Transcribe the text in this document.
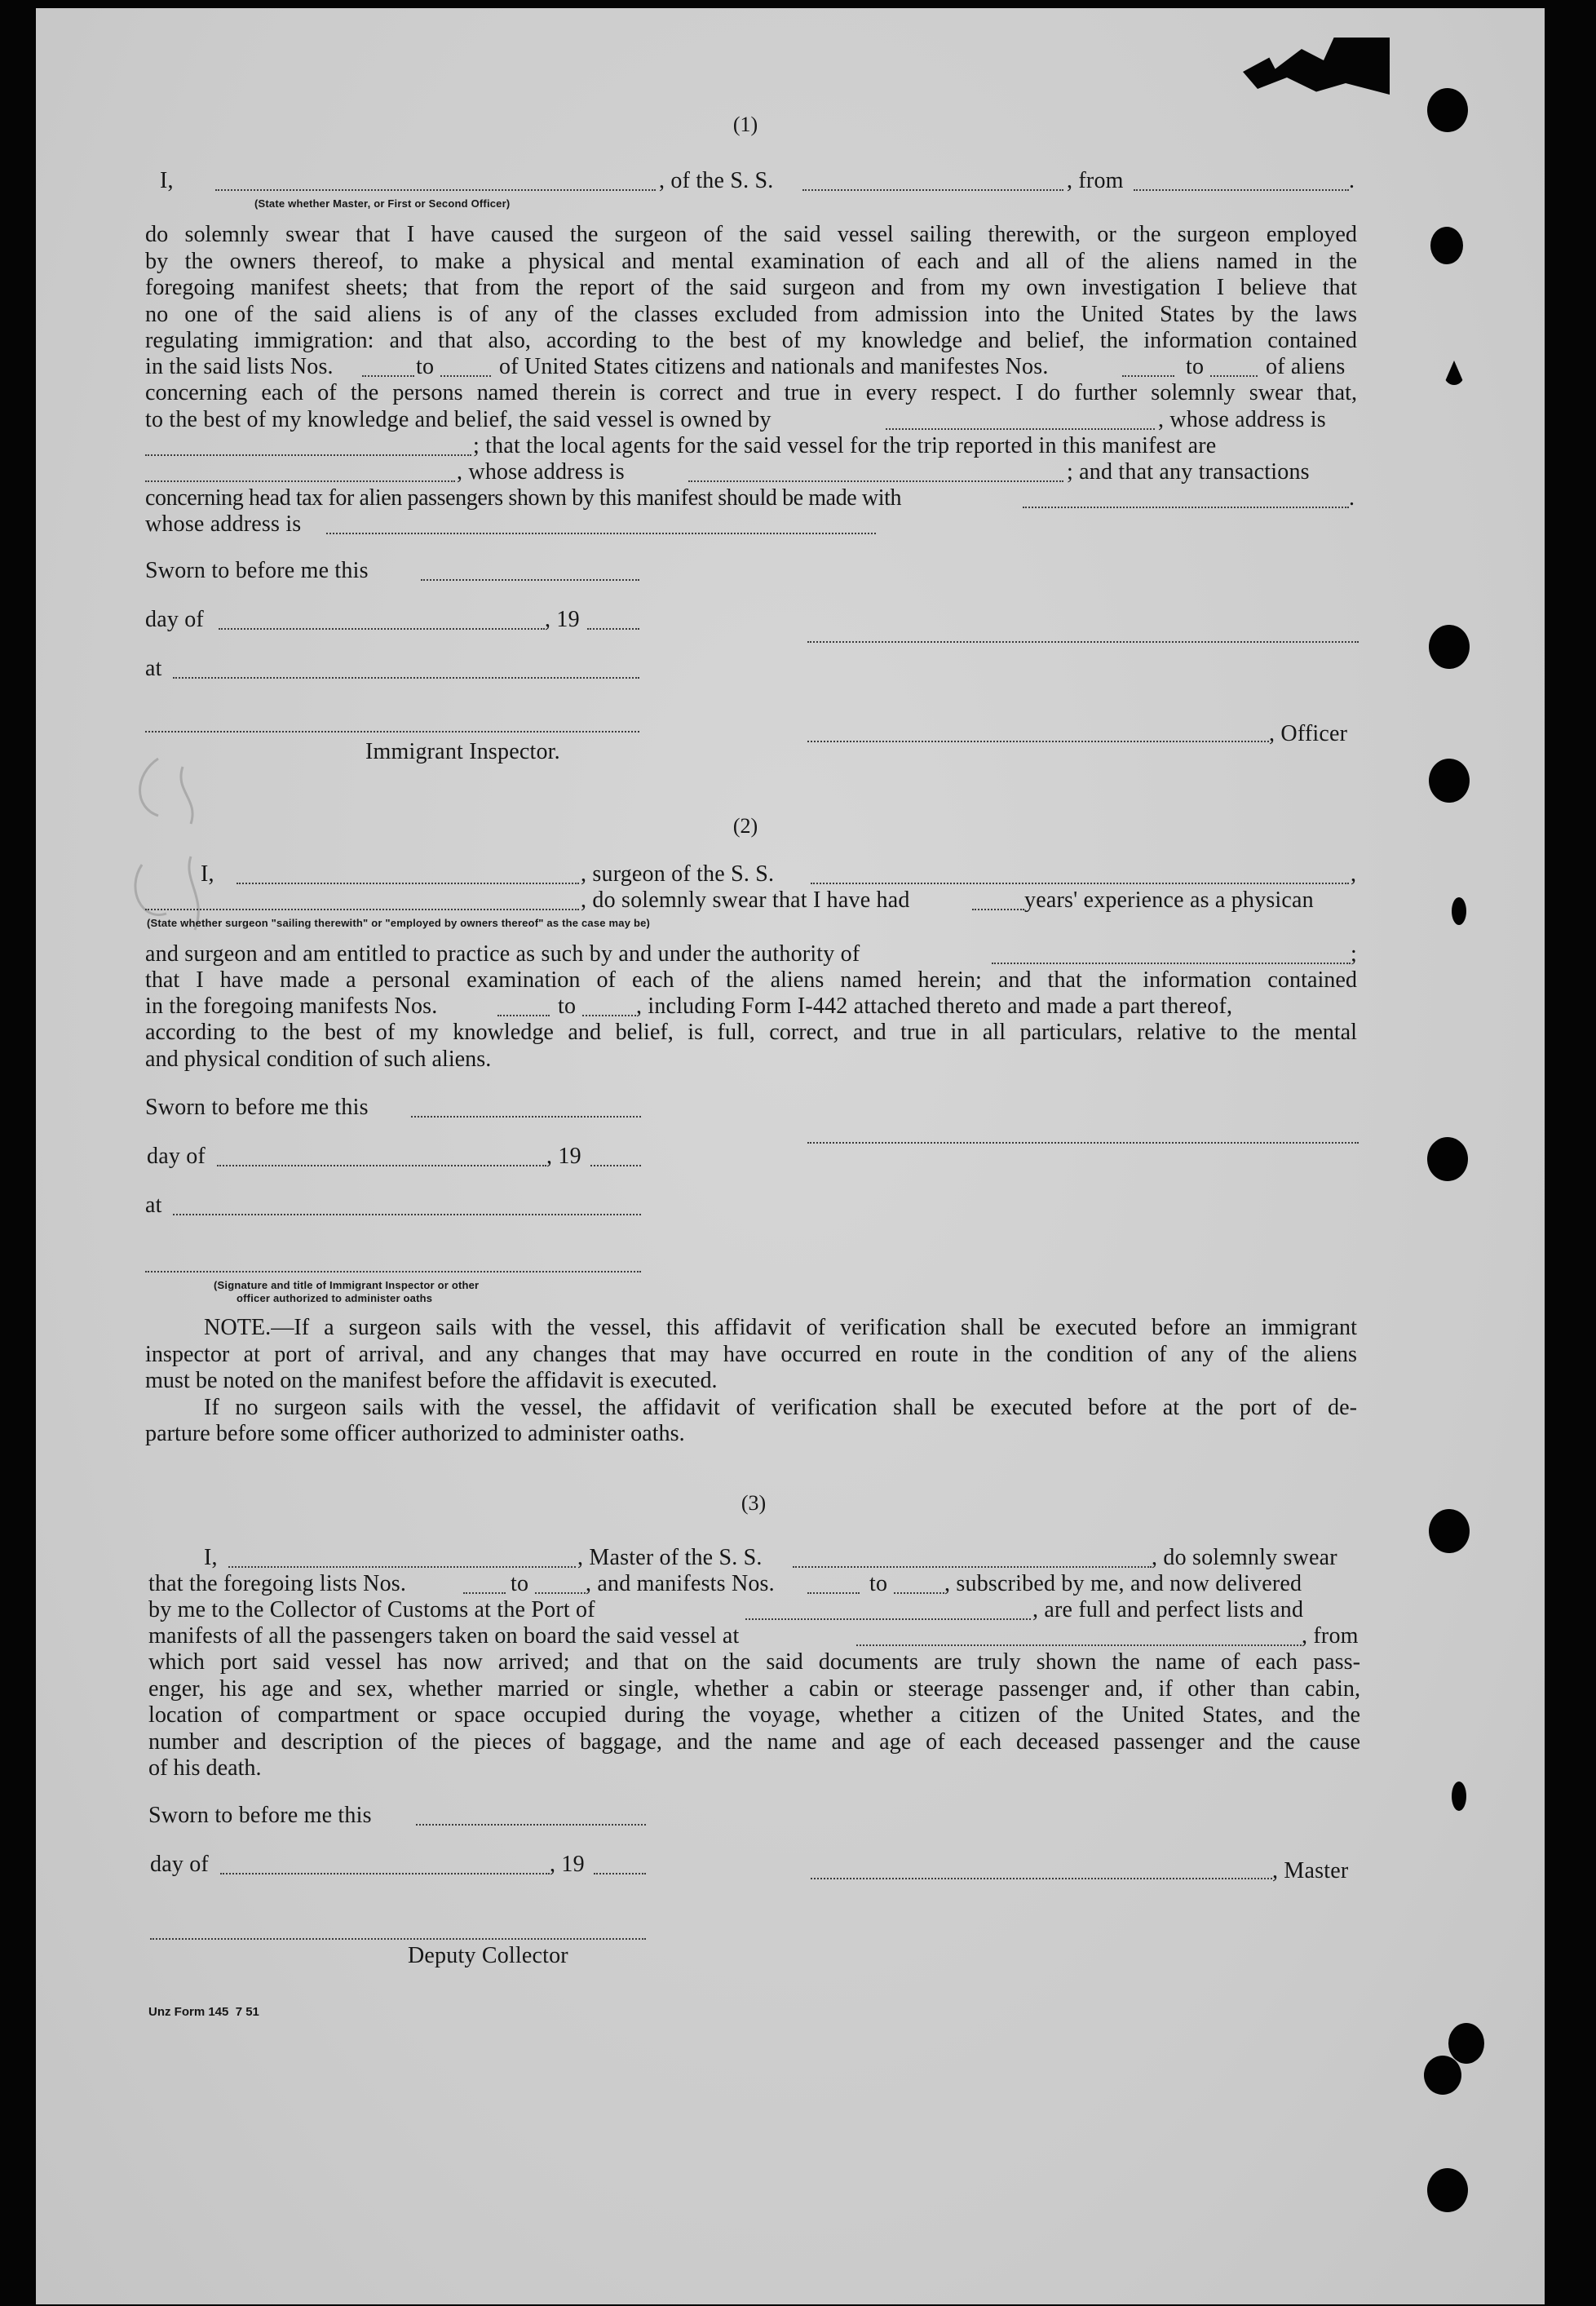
(1)
I,	, of the S. S.	, from	.
(State whether Master, or First or Second Officer)
do solemnly swear that I have caused the surgeon of the said vessel sailing therewith, or the surgeon employed
by the owners thereof, to make a physical and mental examination of each and all of the aliens named in the
foregoing manifest sheets; that from the report of the said surgeon and from my own investigation I believe that
no one of the said aliens is of any of the classes excluded from admission into the United States by the laws
regulating immigration: and that also, according to the best of my knowledge and belief, the information contained
in the said lists Nos.	to	of United States citizens and nationals and manifestes Nos.	to	of aliens
concerning each of the persons named therein is correct and true in every respect. I do further solemnly swear that,
to the best of my knowledge and belief, the said vessel is owned by	, whose address is
; that the local agents for the said vessel for the trip reported in this manifest are
, whose address is	; and that any transactions
concerning head tax for alien passengers shown by this manifest should be made with	.
whose address is
Sworn to before me this
day of	, 19
at
, Officer
Immigrant Inspector.
(2)
I,	, surgeon of the S. S.	,
, do solemnly swear that I have had	years' experience as a physican
(State whether surgeon "sailing therewith" or "employed by owners thereof" as the case may be)
and surgeon and am entitled to practice as such by and under the authority of	;
that I have made a personal examination of each of the aliens named herein; and that the information contained
in the foregoing manifests Nos.	to	, including Form I-442 attached thereto and made a part thereof,
according to the best of my knowledge and belief, is full, correct, and true in all particulars, relative to the mental
and physical condition of such aliens.
Sworn to before me this
day of	, 19
at
(Signature and title of Immigrant Inspector or other
officer authorized to administer oaths
NOTE.—If a surgeon sails with the vessel, this affidavit of verification shall be executed before an immigrant
inspector at port of arrival, and any changes that may have occurred en route in the condition of any of the aliens
must be noted on the manifest before the affidavit is executed.
If no surgeon sails with the vessel, the affidavit of verification shall be executed before at the port of de-
parture before some officer authorized to administer oaths.
(3)
I,	, Master of the S. S.	, do solemnly swear
that the foregoing lists Nos.	to , and manifests Nos.	to , subscribed by me, and now delivered
by me to the Collector of Customs at the Port of	, are full and perfect lists and
manifests of all the passengers taken on board the said vessel at	, from
which port said vessel has now arrived; and that on the said documents are truly shown the name of each pass-
enger, his age and sex, whether married or single, whether a cabin or steerage passenger and, if other than cabin,
location of compartment or space occupied during the voyage, whether a citizen of the United States, and the
number and description of the pieces of baggage, and the name and age of each deceased passenger and the cause
of his death.
Sworn to before me this
day of	, 19	, Master
Deputy Collector
Unz Form 145  7 51
